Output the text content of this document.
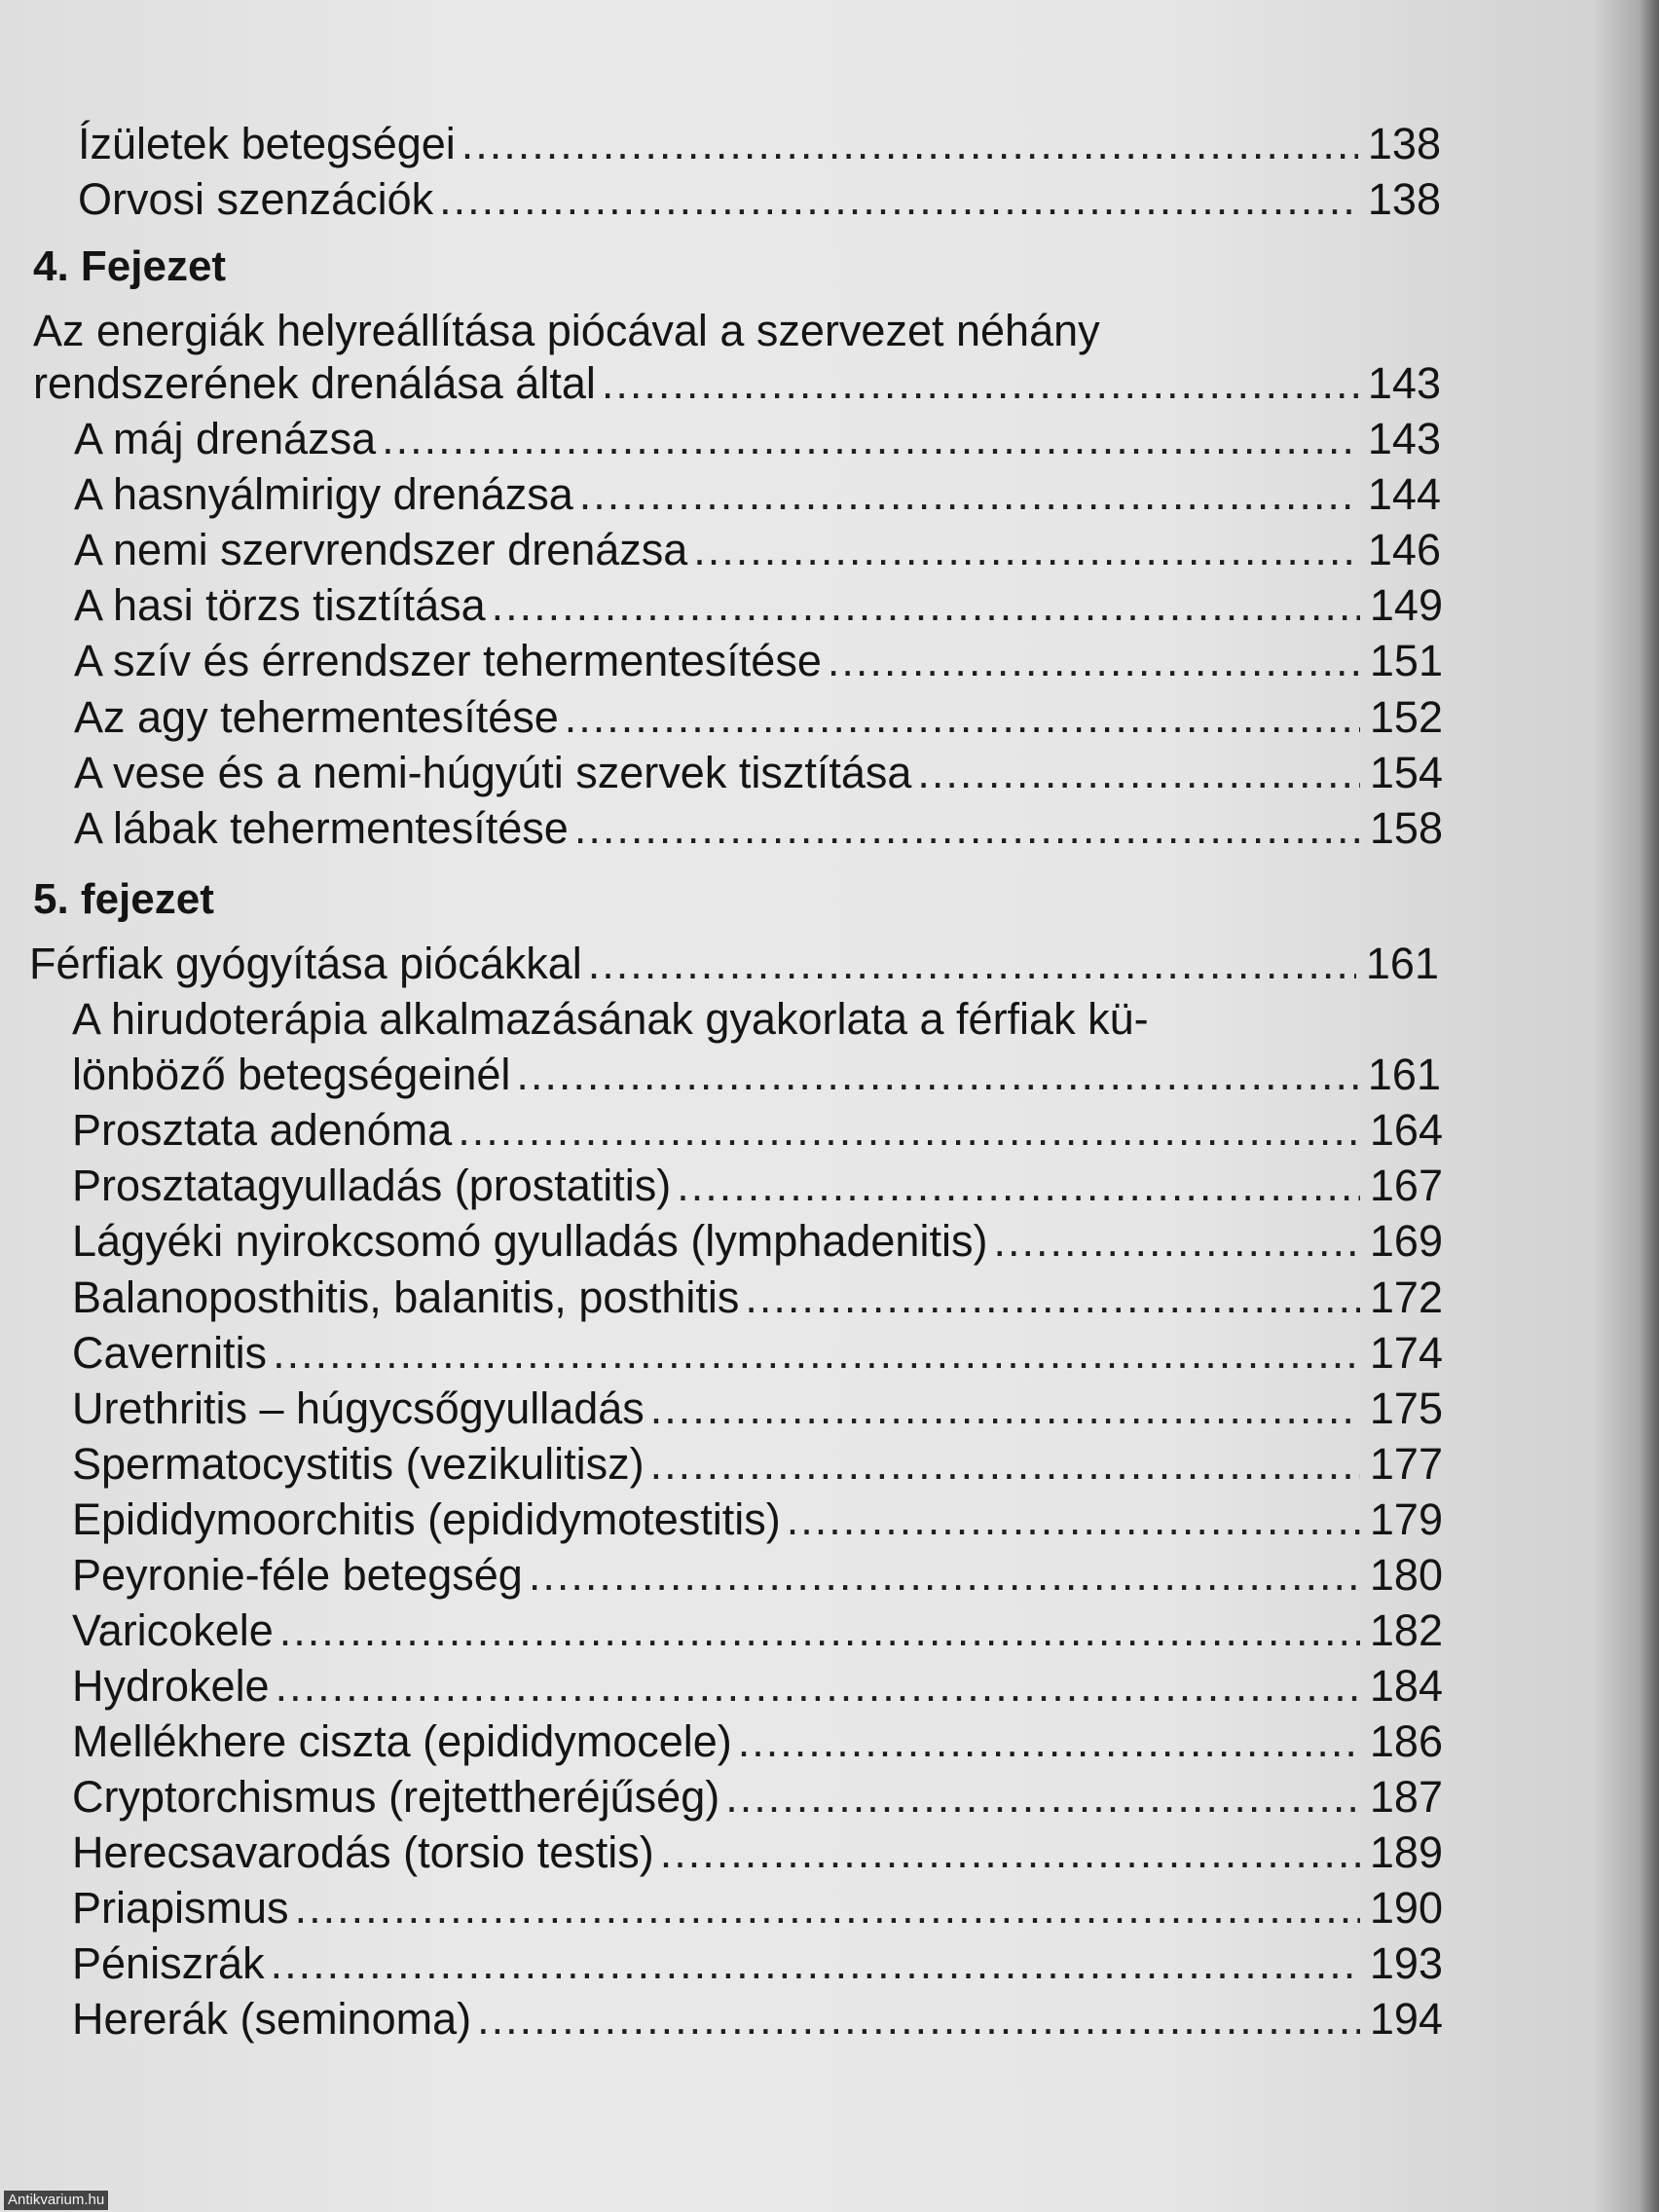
Ízületek betegségei .....	138
Orvosi szenzációk .....	138
4. Fejezet
Az energiák helyreállítása piócával a szervezet néhány
rendszerének drenálása által .....	143
A máj drenázsa .....	143
A hasnyálmirigy drenázsa .....	144
A nemi szervrendszer drenázsa .....	146
A hasi törzs tisztítása .....	149
A szív és érrendszer tehermentesítése .....	151
Az agy tehermentesítése .....	152
A vese és a nemi-húgyúti szervek tisztítása .....	154
A lábak tehermentesítése .....	158
5. fejezet
Férfiak gyógyítása piócákkal .....	161
A hirudoterápia alkalmazásának gyakorlata a férfiak kü-
lönböző betegségeinél .....	161
Prosztata adenóma .....	164
Prosztatagyulladás (prostatitis) .....	167
Lágyéki nyirokcsomó gyulladás (lymphadenitis) .....	169
Balanoposthitis, balanitis, posthitis .....	172
Cavernitis .....	174
Urethritis – húgycsőgyulladás .....	175
Spermatocystitis (vezikulitisz) .....	177
Epididymoorchitis (epididymotestitis) .....	179
Peyronie-féle betegség .....	180
Varicokele .....	182
Hydrokele .....	184
Mellékhere ciszta (epididymocele) .....	186
Cryptorchismus (rejtettheréjűség) .....	187
Herecsavarodás (torsio testis) .....	189
Priapismus .....	190
Péniszrák .....	193
Hererák (seminoma) .....	194
Antikvarium.hu
